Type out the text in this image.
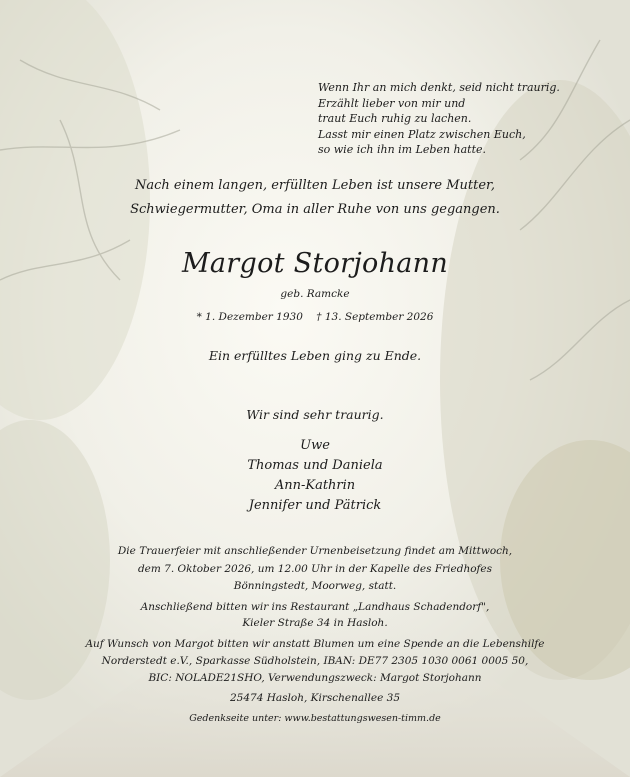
Wenn Ihr an mich denkt, seid nicht traurig.
Erzählt lieber von mir und
traut Euch ruhig zu lachen.
Lasst mir einen Platz zwischen Euch,
so wie ich ihn im Leben hatte.
Nach einem langen, erfüllten Leben ist unsere Mutter,
Schwiegermutter, Oma in aller Ruhe von uns gegangen.
Margot Storjohann
geb. Ramcke
* 1. Dezember 1930 † 13. September 2026
Ein erfülltes Leben ging zu Ende.
Wir sind sehr traurig.
Uwe
Thomas und Daniela
Ann-Kathrin
Jennifer und Pätrick
Die Trauerfeier mit anschließender Urnenbeisetzung findet am Mittwoch,
dem 7. Oktober 2026, um 12.00 Uhr in der Kapelle des Friedhofes
Bönningstedt, Moorweg, statt.
Anschließend bitten wir ins Restaurant „Landhaus Schadendorf",
Kieler Straße 34 in Hasloh.
Auf Wunsch von Margot bitten wir anstatt Blumen um eine Spende an die Lebenshilfe
Norderstedt e.V., Sparkasse Südholstein, IBAN: DE77 2305 1030 0061 0005 50,
BIC: NOLADE21SHO, Verwendungszweck: Margot Storjohann
25474 Hasloh, Kirschenallee 35
Gedenkseite unter: www.bestattungswesen-timm.de
